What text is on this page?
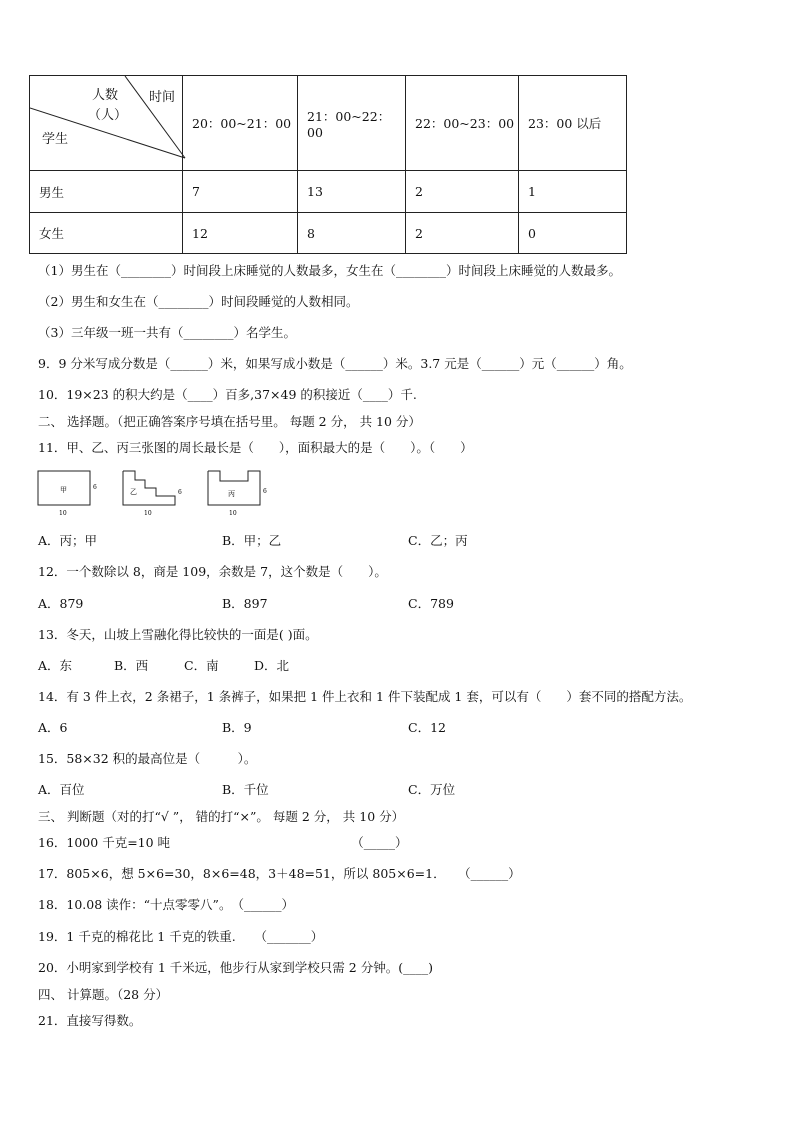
人数
（人）
时间
学生	20：00~21：00	21：00~22：00	22：00~23：00	23：00 以后
男生	7	13	2	1
女生	12	8	2	0
（1）男生在（________）时间段上床睡觉的人数最多，女生在（________）时间段上床睡觉的人数最多。
（2）男生和女生在（________）时间段睡觉的人数相同。
（3）三年级一班一共有（________）名学生。
9．9 分米写成分数是（______）米，如果写成小数是（______）米。3.7 元是（______）元（______）角。
10．19×23 的积大约是（____）百多,37×49 的积接近（____）千.
二、 选择题。（把正确答案序号填在括号里。 每题 2 分， 共 10 分）
11．甲、乙、丙三张图的周长最长是（　　），面积最大的是（　　）。（　　）
甲	6
10
乙	6
10
丙	6
10
A．丙；甲	B．甲；乙	C．乙；丙
12．一个数除以 8，商是 109，余数是 7，这个数是（　　）。
A．879	B．897	C．789
13．冬天，山坡上雪融化得比较快的一面是( )面。
A．东	B．西	C．南	D．北
14．有 3 件上衣，2 条裙子，1 条裤子，如果把 1 件上衣和 1 件下装配成 1 套，可以有（　　）套不同的搭配方法。
A．6	B．9	C．12
15．58×32 积的最高位是（　　　）。
A．百位	B．千位	C．万位
三、 判断题（对的打“√ ”， 错的打“×”。 每题 2 分， 共 10 分）
16．1000 千克=10 吨　　　　　　　　　　　　　　　（_____）
17．805×6，想 5×6=30，8×6=48，3＋48=51，所以 805×6=1．　　（______）
18．10.08 读作：“十点零零八”。　（______）
19．1 千克的棉花比 1 千克的铁重.　　（_______）
20．小明家到学校有 1 千米远，他步行从家到学校只需 2 分钟。(____)
四、 计算题。（28 分）
21．直接写得数。
